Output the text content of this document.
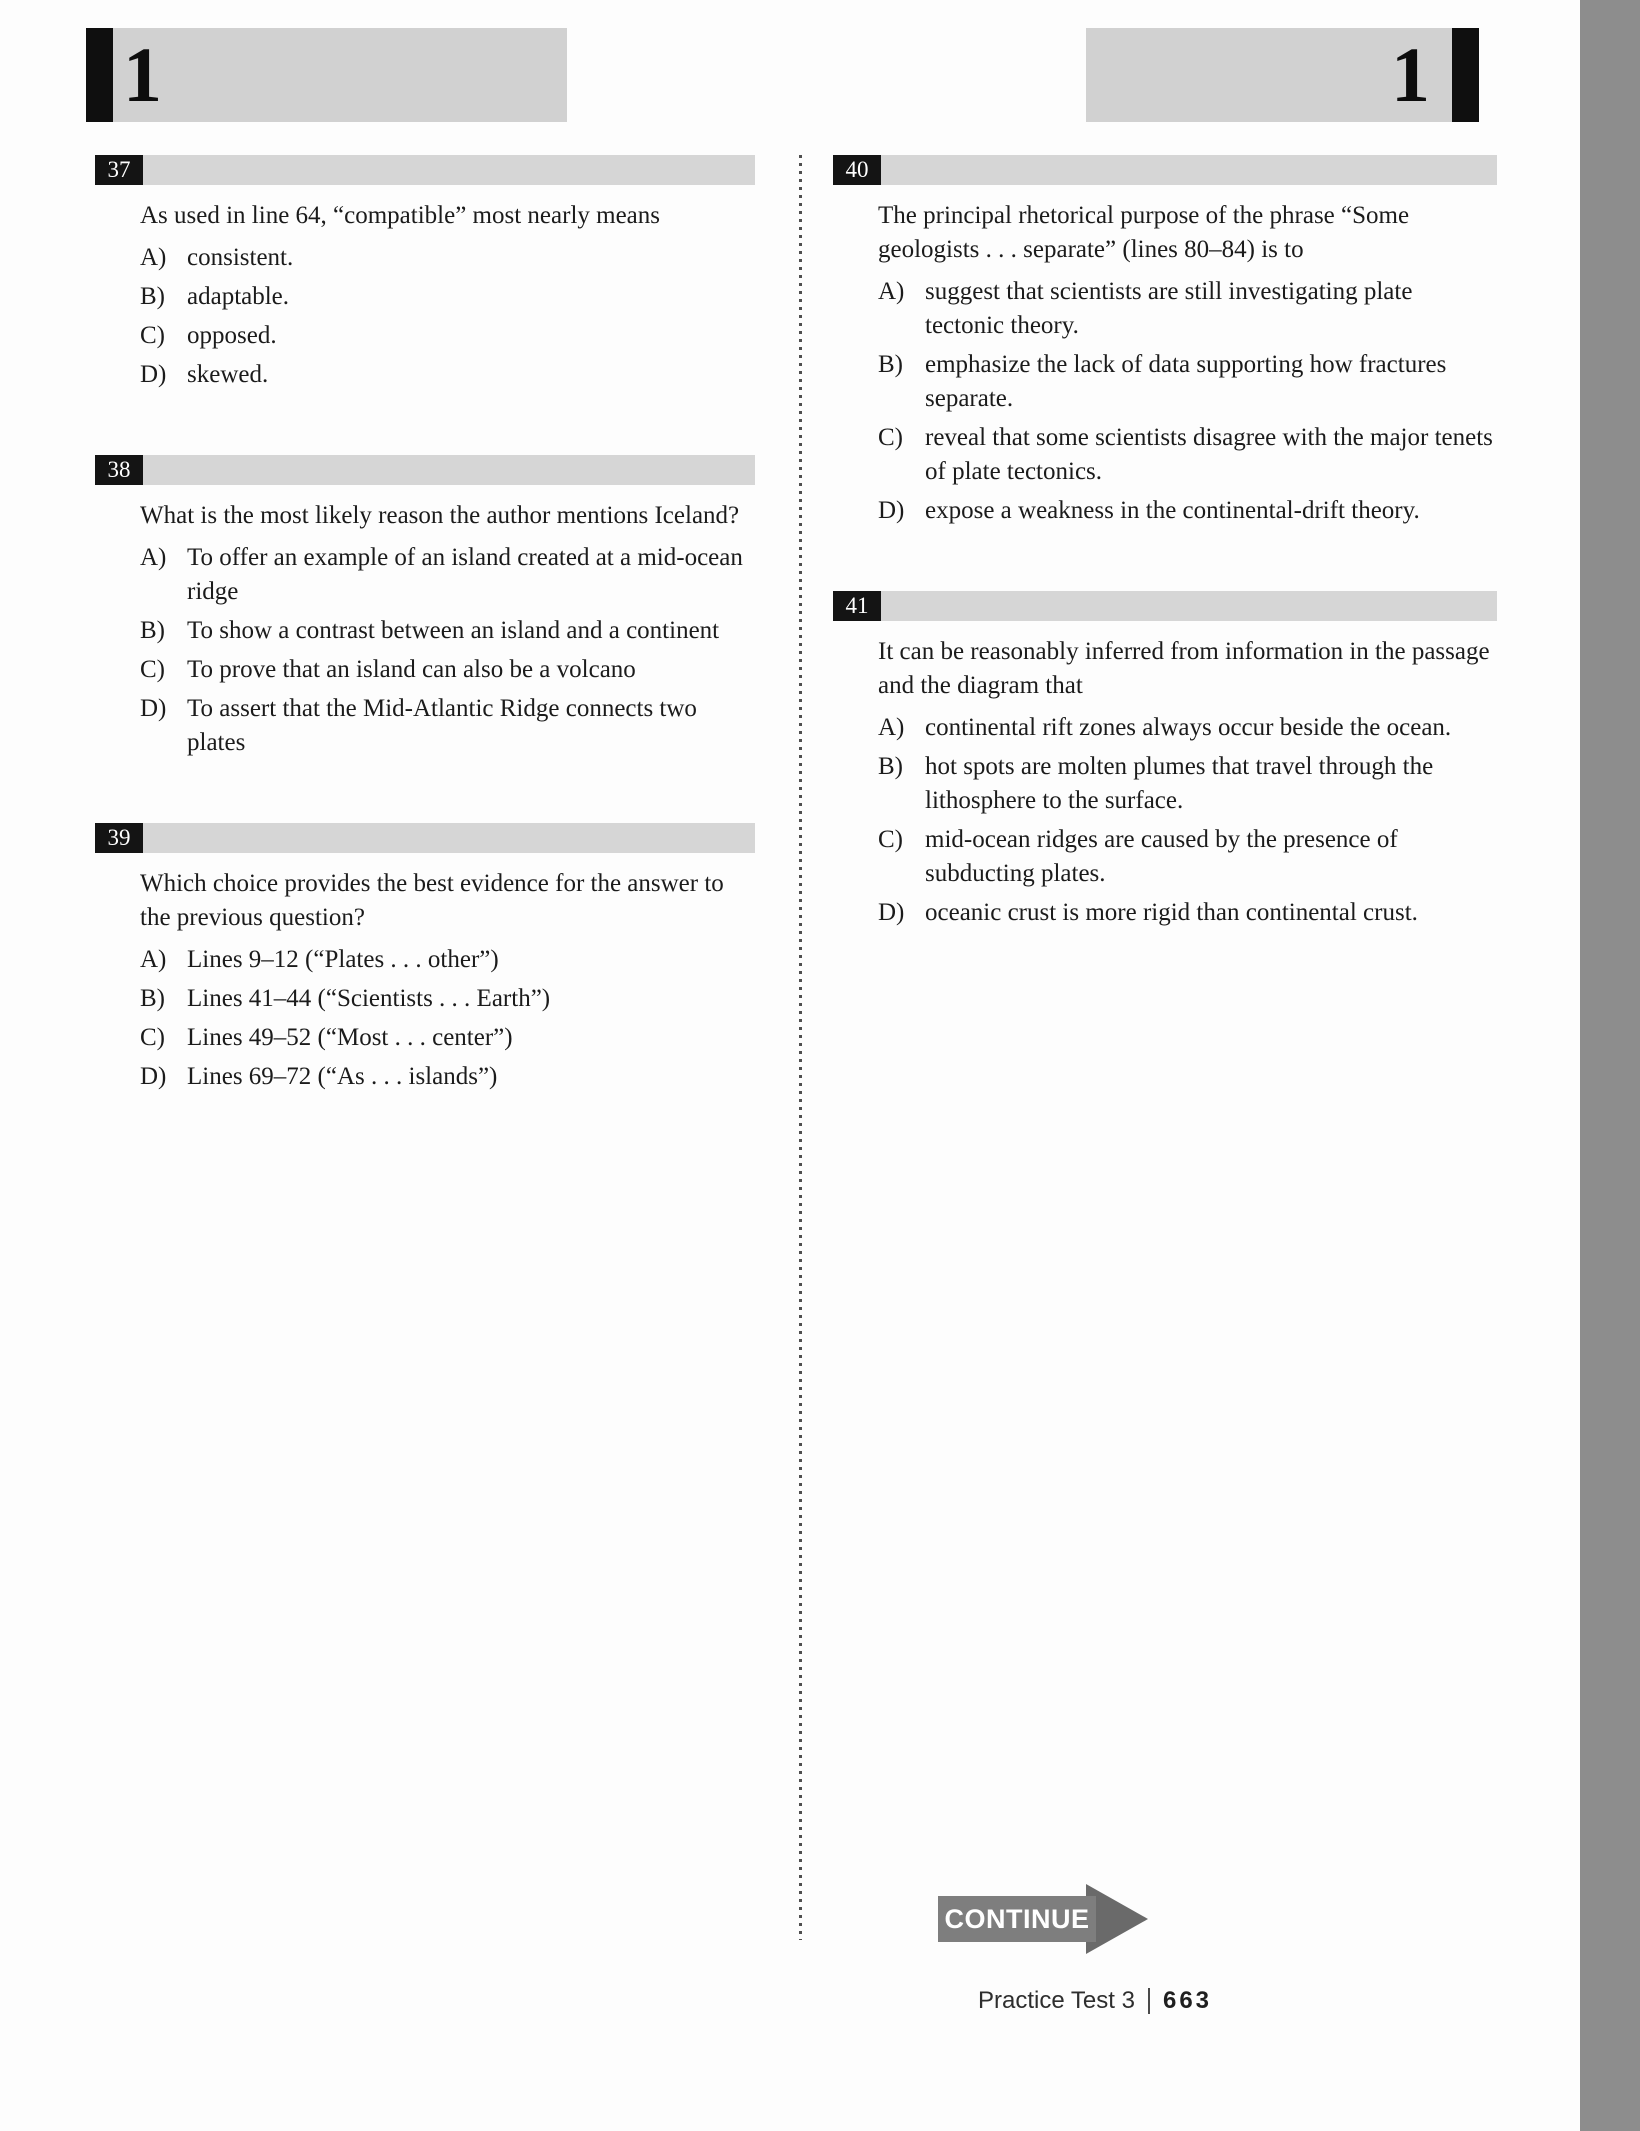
1	1
37

As used in line 64, “compatible” most nearly means

A) consistent.
B) adaptable.
C) opposed.
D) skewed.
38

What is the most likely reason the author mentions Iceland?

A) To offer an example of an island created at a mid-ocean ridge
B) To show a contrast between an island and a continent
C) To prove that an island can also be a volcano
D) To assert that the Mid-Atlantic Ridge connects two plates
39

Which choice provides the best evidence for the answer to the previous question?

A) Lines 9–12 (“Plates . . . other”)
B) Lines 41–44 (“Scientists . . . Earth”)
C) Lines 49–52 (“Most . . . center”)
D) Lines 69–72 (“As . . . islands”)
40

The principal rhetorical purpose of the phrase “Some geologists . . . separate” (lines 80–84) is to

A) suggest that scientists are still investigating plate tectonic theory.
B) emphasize the lack of data supporting how fractures separate.
C) reveal that some scientists disagree with the major tenets of plate tectonics.
D) expose a weakness in the continental-drift theory.
41

It can be reasonably inferred from information in the passage and the diagram that

A) continental rift zones always occur beside the ocean.
B) hot spots are molten plumes that travel through the lithosphere to the surface.
C) mid-ocean ridges are caused by the presence of subducting plates.
D) oceanic crust is more rigid than continental crust.
CONTINUE
Practice Test 3 663
